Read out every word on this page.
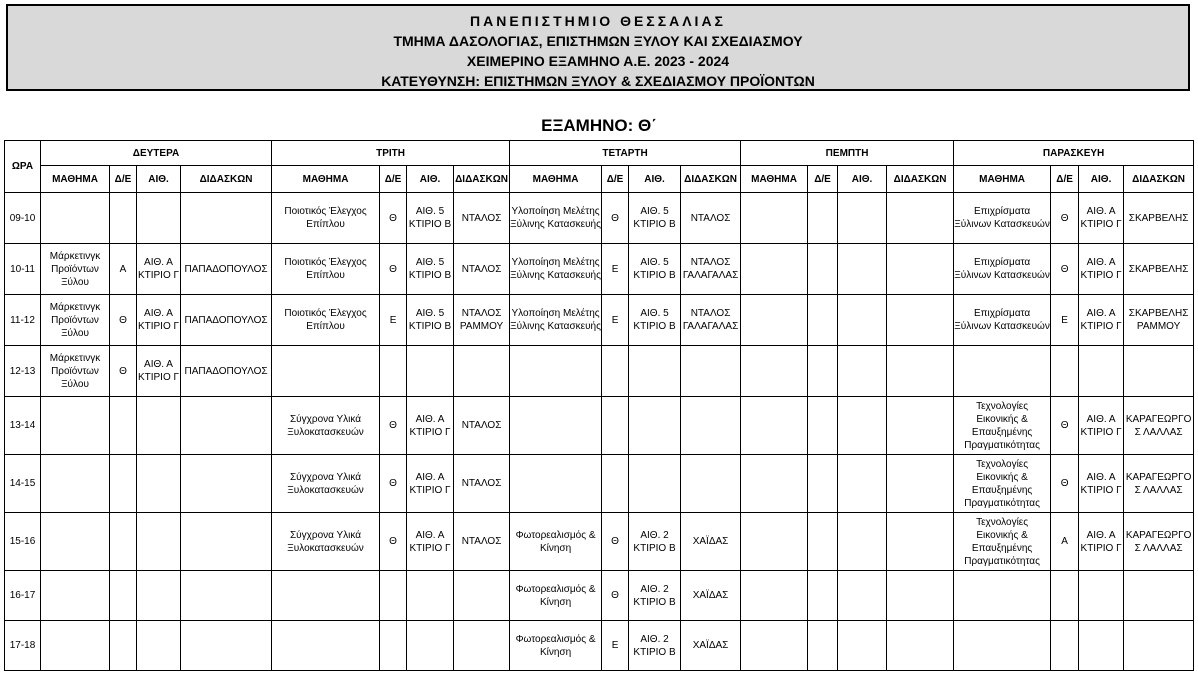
ΠΑΝΕΠΙΣΤΗΜΙΟ ΘΕΣΣΑΛΙΑΣ
ΤΜΗΜΑ ΔΑΣΟΛΟΓΙΑΣ, ΕΠΙΣΤΗΜΩΝ ΞΥΛΟΥ ΚΑΙ ΣΧΕΔΙΑΣΜΟΥ
ΧΕΙΜΕΡΙΝΟ ΕΞΑΜΗΝΟ Α.Ε. 2023 - 2024
ΚΑΤΕΥΘΥΝΣΗ: ΕΠΙΣΤΗΜΩΝ ΞΥΛΟΥ & ΣΧΕΔΙΑΣΜΟΥ ΠΡΟΪΟΝΤΩΝ
ΕΞΑΜΗΝΟ: Θ΄
ΩΡΑ	ΔΕΥΤΕΡΑ				ΤΡΙΤΗ				ΤΕΤΑΡΤΗ				ΠΕΜΠΤΗ				ΠΑΡΑΣΚΕΥΗ			
	ΜΑΘΗΜΑ	Δ/Ε	ΑΙΘ.	ΔΙΔΑΣΚΩΝ	ΜΑΘΗΜΑ	Δ/Ε	ΑΙΘ.	ΔΙΔΑΣΚΩΝ	ΜΑΘΗΜΑ	Δ/Ε	ΑΙΘ.	ΔΙΔΑΣΚΩΝ	ΜΑΘΗΜΑ	Δ/Ε	ΑΙΘ.	ΔΙΔΑΣΚΩΝ	ΜΑΘΗΜΑ	Δ/Ε	ΑΙΘ.	ΔΙΔΑΣΚΩΝ
09-10					Ποιοτικός Έλεγχος Επίπλου	Θ	ΑΙΘ. 5 ΚΤΙΡΙΟ Β	ΝΤΑΛΟΣ	Υλοποίηση Μελέτης Ξύλινης Κατασκευής	Θ	ΑΙΘ. 5 ΚΤΙΡΙΟ Β	ΝΤΑΛΟΣ					Επιχρίσματα Ξύλινων Κατασκευών	Θ	ΑΙΘ. Α ΚΤΙΡΙΟ Γ	ΣΚΑΡΒΕΛΗΣ
10-11	Μάρκετινγκ Προϊόντων Ξύλου	Α	ΑΙΘ. Α ΚΤΙΡΙΟ Γ	ΠΑΠΑΔΟΠΟΥΛΟΣ	Ποιοτικός Έλεγχος Επίπλου	Θ	ΑΙΘ. 5 ΚΤΙΡΙΟ Β	ΝΤΑΛΟΣ	Υλοποίηση Μελέτης Ξύλινης Κατασκευής	Ε	ΑΙΘ. 5 ΚΤΙΡΙΟ Β	ΝΤΑΛΟΣ ΓΑΛΑΓΑΛΑΣ					Επιχρίσματα Ξύλινων Κατασκευών	Θ	ΑΙΘ. Α ΚΤΙΡΙΟ Γ	ΣΚΑΡΒΕΛΗΣ
11-12	Μάρκετινγκ Προϊόντων Ξύλου	Θ	ΑΙΘ. Α ΚΤΙΡΙΟ Γ	ΠΑΠΑΔΟΠΟΥΛΟΣ	Ποιοτικός Έλεγχος Επίπλου	Ε	ΑΙΘ. 5 ΚΤΙΡΙΟ Β	ΝΤΑΛΟΣ ΡΑΜΜΟΥ	Υλοποίηση Μελέτης Ξύλινης Κατασκευής	Ε	ΑΙΘ. 5 ΚΤΙΡΙΟ Β	ΝΤΑΛΟΣ ΓΑΛΑΓΑΛΑΣ					Επιχρίσματα Ξύλινων Κατασκευών	Ε	ΑΙΘ. Α ΚΤΙΡΙΟ Γ	ΣΚΑΡΒΕΛΗΣ ΡΑΜΜΟΥ
12-13	Μάρκετινγκ Προϊόντων Ξύλου	Θ	ΑΙΘ. Α ΚΤΙΡΙΟ Γ	ΠΑΠΑΔΟΠΟΥΛΟΣ																
13-14					Σύγχρονα Υλικά Ξυλοκατασκευών	Θ	ΑΙΘ. Α ΚΤΙΡΙΟ Γ	ΝΤΑΛΟΣ									Τεχνολογίες Εικονικής & Επαυξημένης Πραγματικότητας	Θ	ΑΙΘ. Α ΚΤΙΡΙΟ Γ	ΚΑΡΑΓΕΩΡΓΟΣ ΛΑΛΛΑΣ
14-15					Σύγχρονα Υλικά Ξυλοκατασκευών	Θ	ΑΙΘ. Α ΚΤΙΡΙΟ Γ	ΝΤΑΛΟΣ									Τεχνολογίες Εικονικής & Επαυξημένης Πραγματικότητας	Θ	ΑΙΘ. Α ΚΤΙΡΙΟ Γ	ΚΑΡΑΓΕΩΡΓΟΣ ΛΑΛΛΑΣ
15-16					Σύγχρονα Υλικά Ξυλοκατασκευών	Θ	ΑΙΘ. Α ΚΤΙΡΙΟ Γ	ΝΤΑΛΟΣ	Φωτορεαλισμός & Κίνηση	Θ	ΑΙΘ. 2 ΚΤΙΡΙΟ Β	ΧΑΪΔΑΣ					Τεχνολογίες Εικονικής & Επαυξημένης Πραγματικότητας	Α	ΑΙΘ. Α ΚΤΙΡΙΟ Γ	ΚΑΡΑΓΕΩΡΓΟΣ ΛΑΛΛΑΣ
16-17									Φωτορεαλισμός & Κίνηση	Θ	ΑΙΘ. 2 ΚΤΙΡΙΟ Β	ΧΑΪΔΑΣ								
17-18									Φωτορεαλισμός & Κίνηση	Ε	ΑΙΘ. 2 ΚΤΙΡΙΟ Β	ΧΑΪΔΑΣ								
